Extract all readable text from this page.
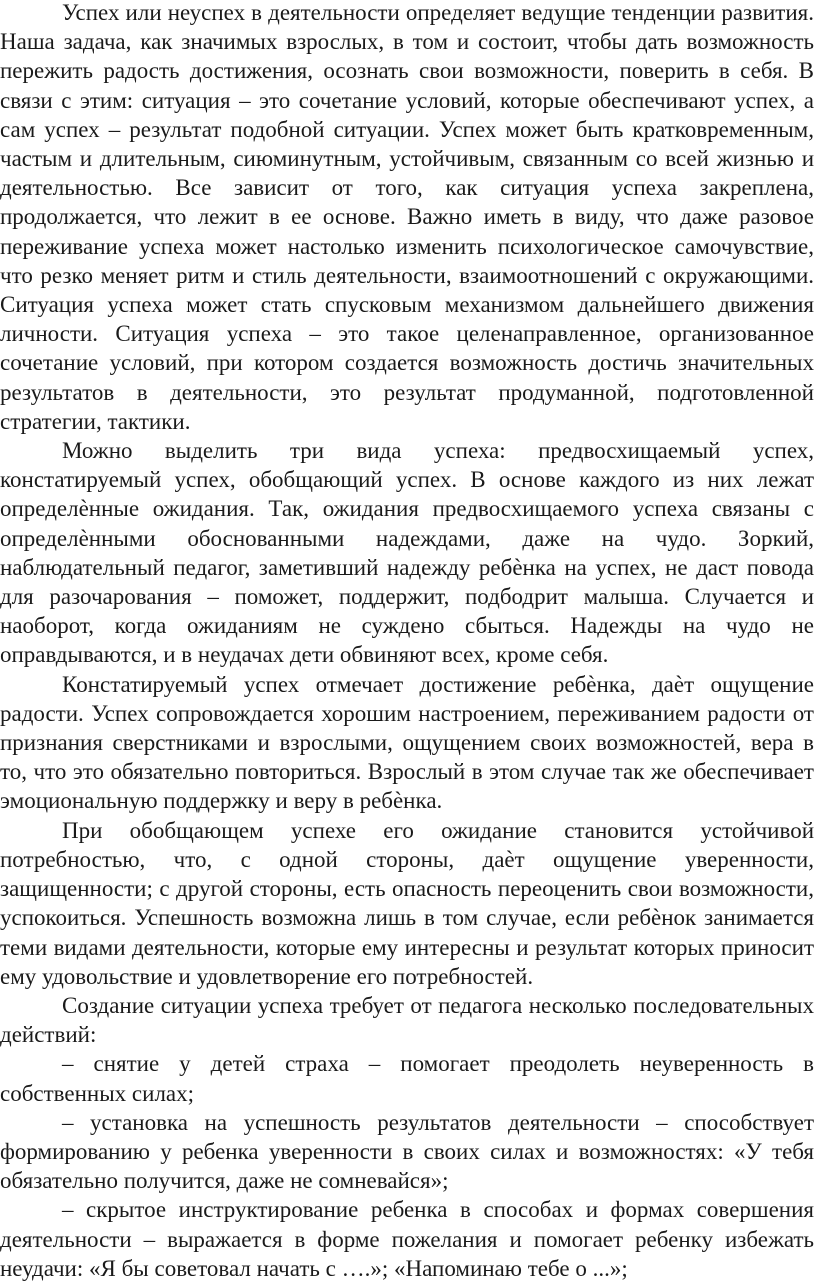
Успех или неуспех в деятельности определяет ведущие тенденции развития. Наша задача, как значимых взрослых, в том и состоит, чтобы дать возможность пережить радость достижения, осознать свои возможности, поверить в себя. В связи с этим: ситуация – это сочетание условий, которые обеспечивают успех, а сам успех – результат подобной ситуации. Успех может быть кратковременным, частым и длительным, сиюминутным, устойчивым, связанным со всей жизнью и деятельностью. Все зависит от того, как ситуация успеха закреплена, продолжается, что лежит в ее основе. Важно иметь в виду, что даже разовое переживание успеха может настолько изменить психологическое самочувствие, что резко меняет ритм и стиль деятельности, взаимоотношений с окружающими. Ситуация успеха может стать спусковым механизмом дальнейшего движения личности. Ситуация успеха – это такое целенаправленное, организованное сочетание условий, при котором создается возможность достичь значительных результатов в деятельности, это результат продуманной, подготовленной стратегии, тактики.

Можно выделить три вида успеха: предвосхищаемый успех, констатируемый успех, обобщающий успех. В основе каждого из них лежат определѐнные ожидания. Так, ожидания предвосхищаемого успеха связаны с определѐнными обоснованными надеждами, даже на чудо. Зоркий, наблюдательный педагог, заметивший надежду ребѐнка на успех, не даст повода для разочарования – поможет, поддержит, подбодрит малыша. Случается и наоборот, когда ожиданиям не суждено сбыться. Надежды на чудо не оправдываются, и в неудачах дети обвиняют всех, кроме себя.

Констатируемый успех отмечает достижение ребѐнка, даѐт ощущение радости. Успех сопровождается хорошим настроением, переживанием радости от признания сверстниками и взрослыми, ощущением своих возможностей, вера в то, что это обязательно повториться. Взрослый в этом случае так же обеспечивает эмоциональную поддержку и веру в ребѐнка.

При обобщающем успехе его ожидание становится устойчивой потребностью, что, с одной стороны, даѐт ощущение уверенности, защищенности; с другой стороны, есть опасность переоценить свои возможности, успокоиться. Успешность возможна лишь в том случае, если ребѐнок занимается теми видами деятельности, которые ему интересны и результат которых приносит ему удовольствие и удовлетворение его потребностей.

Создание ситуации успеха требует от педагога несколько последовательных действий:

– снятие у детей страха – помогает преодолеть неуверенность в собственных силах;

– установка на успешность результатов деятельности – способствует формированию у ребенка уверенности в своих силах и возможностях: «У тебя обязательно получится, даже не сомневайся»;

– скрытое инструктирование ребенка в способах и формах совершения деятельности – выражается в форме пожелания и помогает ребенку избежать неудачи: «Я бы советовал начать с ….»; «Напоминаю тебе о ...»;
